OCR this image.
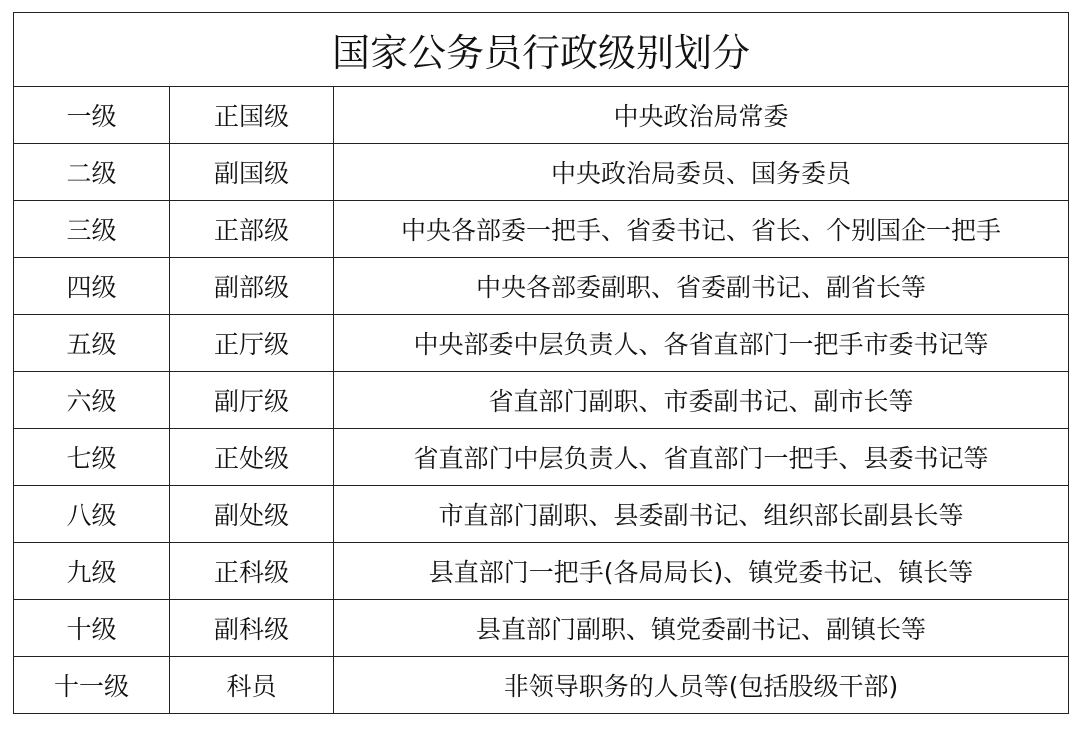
国家公务员行政级别划分		
一级	正国级	中央政治局常委
二级	副国级	中央政治局委员、国务委员
三级	正部级	中央各部委一把手、省委书记、省长、个别国企一把手
四级	副部级	中央各部委副职、省委副书记、副省长等
五级	正厅级	中央部委中层负责人、各省直部门一把手市委书记等
六级	副厅级	省直部门副职、市委副书记、副市长等
七级	正处级	省直部门中层负责人、省直部门一把手、县委书记等
八级	副处级	市直部门副职、县委副书记、组织部长副县长等
九级	正科级	县直部门一把手(各局局长)、镇党委书记、镇长等
十级	副科级	县直部门副职、镇党委副书记、副镇长等
十一级	科员	非领导职务的人员等(包括股级干部)
